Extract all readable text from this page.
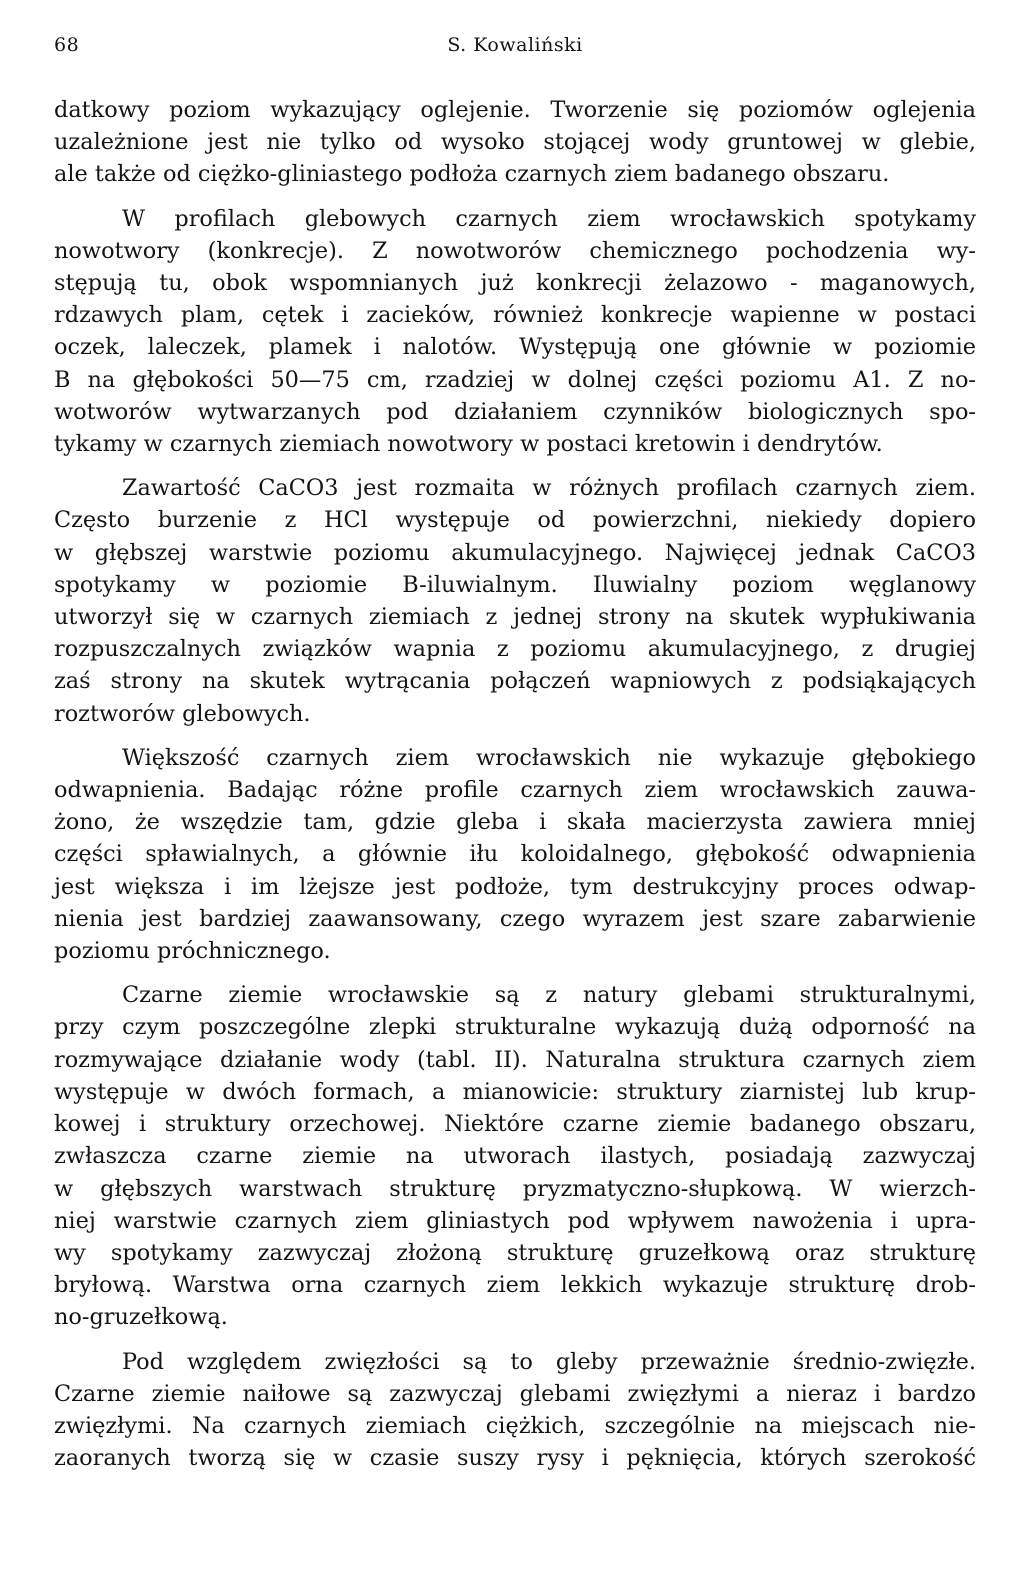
68	S. Kowaliński
datkowy poziom wykazujący oglejenie. Tworzenie się poziomów oglejenia
uzależnione jest nie tylko od wysoko stojącej wody gruntowej w glebie,
ale także od ciężko-gliniastego podłoża czarnych ziem badanego obszaru.
W profilach glebowych czarnych ziem wrocławskich spotykamy
nowotwory (konkrecje). Z nowotworów chemicznego pochodzenia wy-
stępują tu, obok wspomnianych już konkrecji żelazowo - maganowych,
rdzawych plam, cętek i zacieków, również konkrecje wapienne w postaci
oczek, laleczek, plamek i nalotów. Występują one głównie w poziomie
B na głębokości 50—75 cm, rzadziej w dolnej części poziomu A1. Z no-
wotworów wytwarzanych pod działaniem czynników biologicznych spo-
tykamy w czarnych ziemiach nowotwory w postaci kretowin i dendrytów.
Zawartość CaCO3 jest rozmaita w różnych profilach czarnych ziem.
Często burzenie z HCl występuje od powierzchni, niekiedy dopiero
w głębszej warstwie poziomu akumulacyjnego. Najwięcej jednak CaCO3
spotykamy w poziomie B-iluwialnym. Iluwialny poziom węglanowy
utworzył się w czarnych ziemiach z jednej strony na skutek wypłukiwania
rozpuszczalnych związków wapnia z poziomu akumulacyjnego, z drugiej
zaś strony na skutek wytrącania połączeń wapniowych z podsiąkających
roztworów glebowych.
Większość czarnych ziem wrocławskich nie wykazuje głębokiego
odwapnienia. Badając różne profile czarnych ziem wrocławskich zauwa-
żono, że wszędzie tam, gdzie gleba i skała macierzysta zawiera mniej
części spławialnych, a głównie iłu koloidalnego, głębokość odwapnienia
jest większa i im lżejsze jest podłoże, tym destrukcyjny proces odwap-
nienia jest bardziej zaawansowany, czego wyrazem jest szare zabarwienie
poziomu próchnicznego.
Czarne ziemie wrocławskie są z natury glebami strukturalnymi,
przy czym poszczególne zlepki strukturalne wykazują dużą odporność na
rozmywające działanie wody (tabl. II). Naturalna struktura czarnych ziem
występuje w dwóch formach, a mianowicie: struktury ziarnistej lub krup-
kowej i struktury orzechowej. Niektóre czarne ziemie badanego obszaru,
zwłaszcza czarne ziemie na utworach ilastych, posiadają zazwyczaj
w głębszych warstwach strukturę pryzmatyczno-słupkową. W wierzch-
niej warstwie czarnych ziem gliniastych pod wpływem nawożenia i upra-
wy spotykamy zazwyczaj złożoną strukturę gruzełkową oraz strukturę
bryłową. Warstwa orna czarnych ziem lekkich wykazuje strukturę drob-
no-gruzełkową.
Pod względem zwięzłości są to gleby przeważnie średnio-zwięzłe.
Czarne ziemie naiłowe są zazwyczaj glebami zwięzłymi a nieraz i bardzo
zwięzłymi. Na czarnych ziemiach ciężkich, szczególnie na miejscach nie-
zaoranych tworzą się w czasie suszy rysy i pęknięcia, których szerokość
